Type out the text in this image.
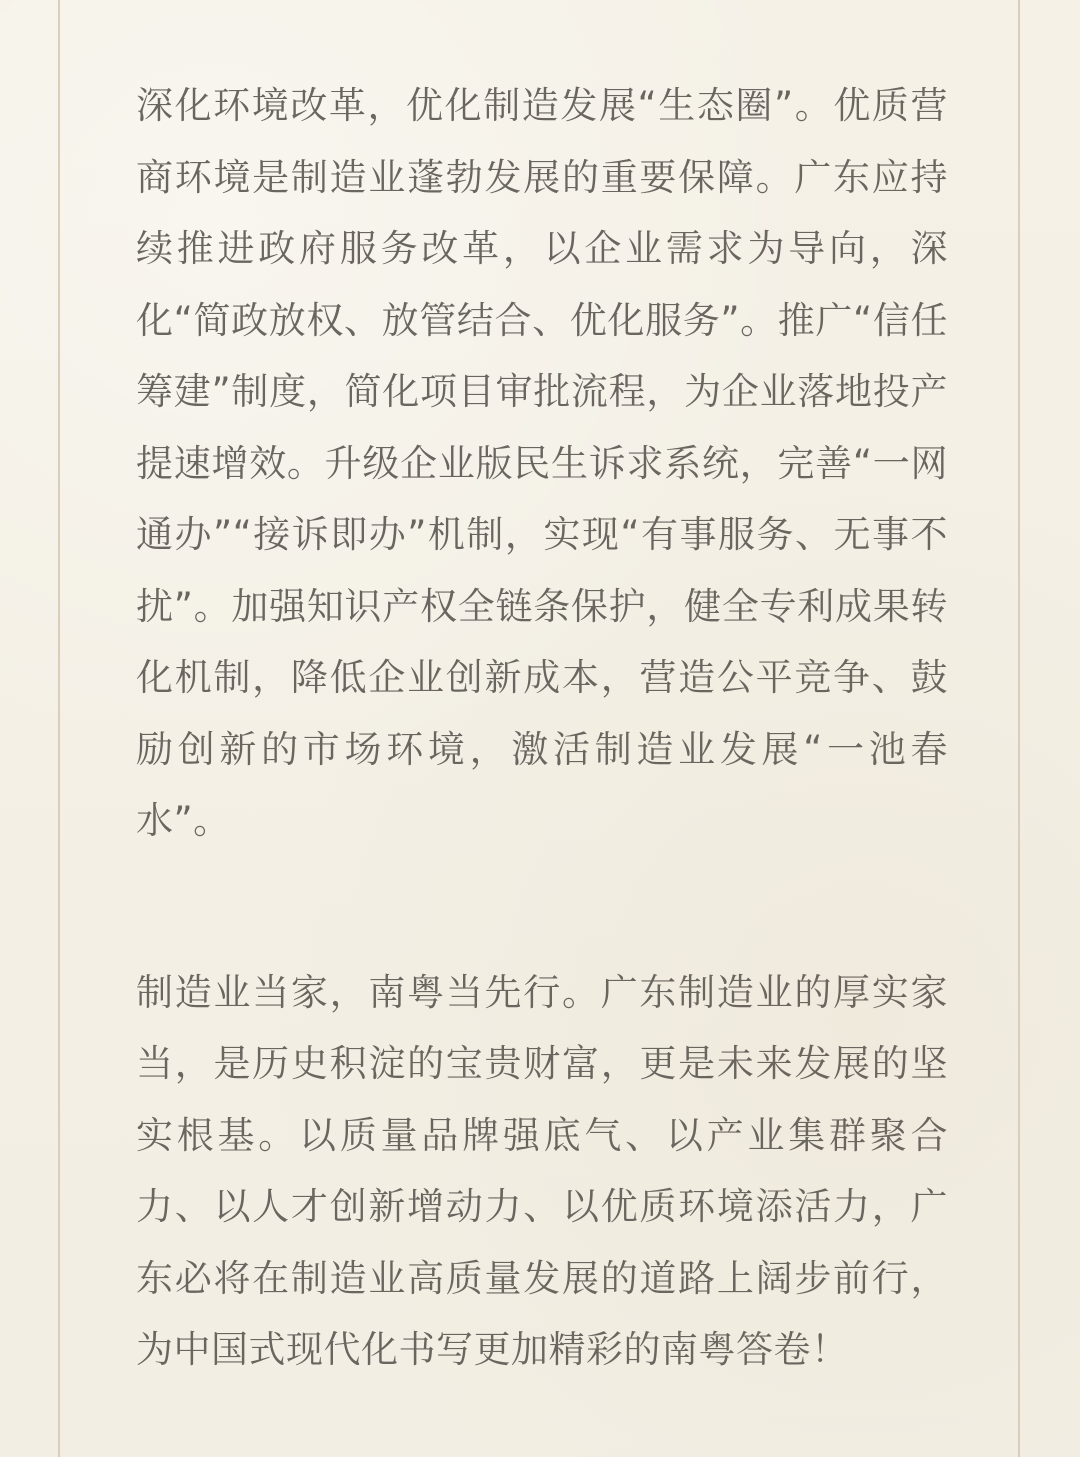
深化环境改革，优化制造发展“生态圈”。优质营商环境是制造业蓬勃发展的重要保障。广东应持续推进政府服务改革，以企业需求为导向，深化“简政放权、放管结合、优化服务”。推广“信任筹建”制度，简化项目审批流程，为企业落地投产提速增效。升级企业版民生诉求系统，完善“一网通办”“接诉即办”机制，实现“有事服务、无事不扰”。加强知识产权全链条保护，健全专利成果转化机制，降低企业创新成本，营造公平竞争、鼓励创新的市场环境，激活制造业发展“一池春水”。

制造业当家，南粤当先行。广东制造业的厚实家当，是历史积淀的宝贵财富，更是未来发展的坚实根基。以质量品牌强底气、以产业集群聚合力、以人才创新增动力、以优质环境添活力，广东必将在制造业高质量发展的道路上阔步前行，为中国式现代化书写更加精彩的南粤答卷！
